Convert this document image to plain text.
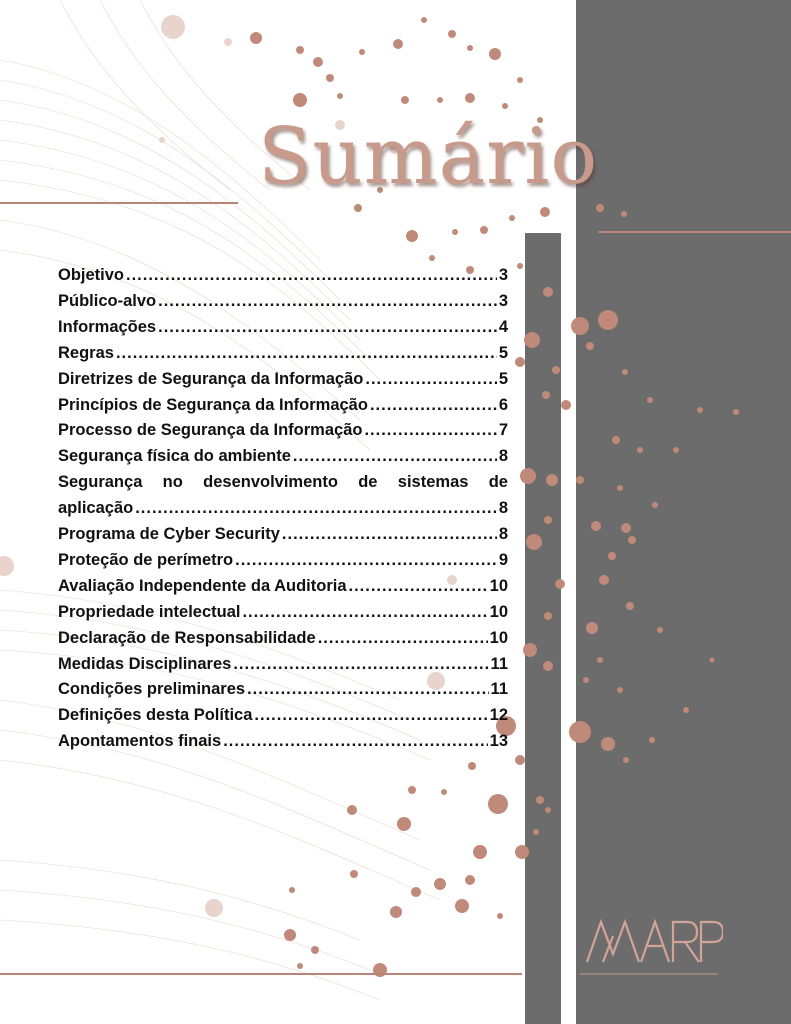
Sumário
Objetivo .....	3
Público-alvo .....	3
Informações .....	4
Regras .....	5
Diretrizes de Segurança da Informação .....	5
Princípios de Segurança da Informação .....	6
Processo de Segurança da Informação .....	7
Segurança física do ambiente .....	8
Segurança no desenvolvimento de sistemas de
aplicação .....	8
Programa de Cyber Security .....	8
Proteção de perímetro .....	9
Avaliação Independente da Auditoria .....	10
Propriedade intelectual .....	10
Declaração de Responsabilidade .....	10
Medidas Disciplinares .....	11
Condições preliminares .....	11
Definições desta Política .....	12
Apontamentos finais .....	13
